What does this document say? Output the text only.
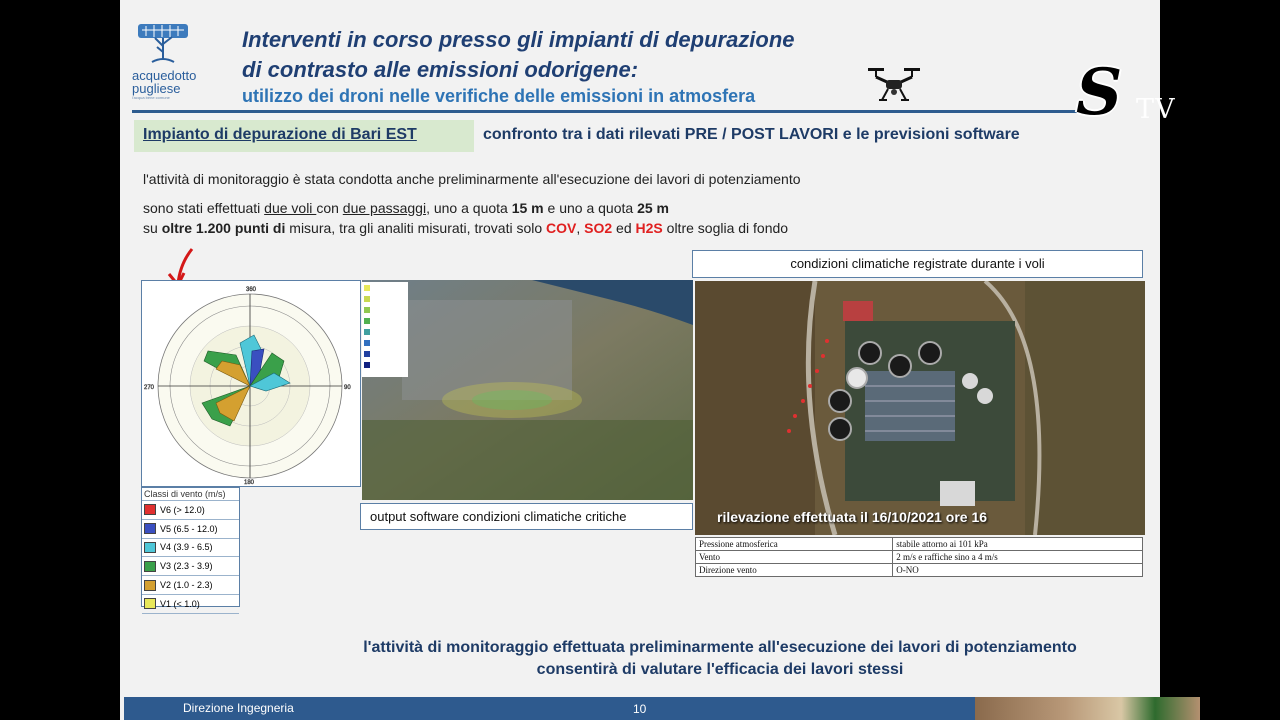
acquedotto
pugliese
l'acqua bene comune
Interventi in corso presso gli impianti di depurazione
di contrasto alle emissioni odorigene:
utilizzo dei droni nelle verifiche delle emissioni in atmosfera
Impianto di depurazione di Bari EST	confronto tra i dati rilevati PRE / POST LAVORI e le previsioni software
l'attività di monitoraggio è stata condotta anche preliminarmente all'esecuzione dei lavori di potenziamento
sono stati effettuati due voli con due passaggi, uno a quota 15 m e uno a quota 25 m
su oltre 1.200 punti di misura, tra gli analiti misurati, trovati solo COV, SO2 ed H2S oltre soglia di fondo
360
90
180
270
Classi di vento (m/s)
V6 (> 12.0)
V5 (6.5 - 12.0)
V4 (3.9 - 6.5)
V3 (2.3 - 3.9)
V2 (1.0 - 2.3)
V1 (< 1.0)
output software condizioni climatiche critiche
condizioni climatiche registrate durante i voli
rilevazione effettuata il 16/10/2021 ore 16
Pressione atmosferica	stabile attorno ai 101 kPa
Vento	2 m/s e raffiche sino a 4 m/s
Direzione vento	O-NO
l'attività di monitoraggio effettuata preliminarmente all'esecuzione dei lavori di potenziamento
consentirà di valutare l'efficacia dei lavori stessi
Direzione Ingegneria	10
S TV
